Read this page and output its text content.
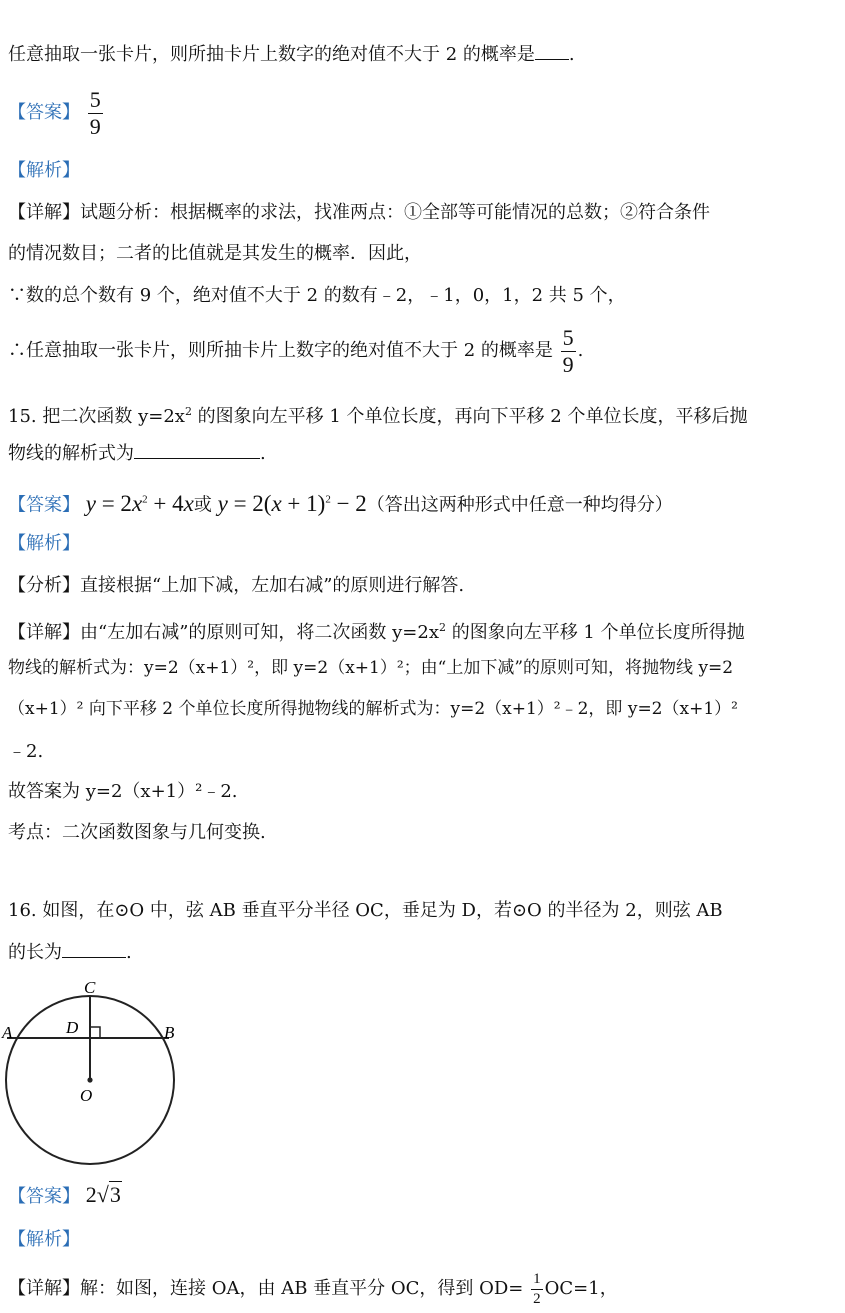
任意抽取一张卡片，则所抽卡片上数字的绝对值不大于 2 的概率是 .
【答案】 $\frac{5}{9}$
【解析】
【详解】试题分析：根据概率的求法，找准两点：①全部等可能情况的总数；②符合条件
的情况数目；二者的比值就是其发生的概率．因此，
∵数的总个数有 9 个，绝对值不大于 2 的数有﹣2，﹣1，0，1，2 共 5 个，
∴任意抽取一张卡片，则所抽卡片上数字的绝对值不大于 2 的概率是 $\frac{5}{9}$ .
15. 把二次函数 $y=2x^2$ 的图象向左平移 1 个单位长度，再向下平移 2 个单位长度，平移后抛
物线的解析式为	.
【答案】 $y = 2x^2 + 4x$或 $y = 2(x + 1)^2 - 2$（答出这两种形式中任意一种均得分）
【解析】
【分析】直接根据“上加下减，左加右减”的原则进行解答.
【详解】由“左加右减”的原则可知，将二次函数 $y=2x^2$ 的图象向左平移 1 个单位长度所得抛
物线的解析式为：y=2（x+1）²，即 y=2（x+1）²；由“上加下减”的原则可知，将抛物线 y=2
（x+1）² 向下平移 2 个单位长度所得抛物线的解析式为：y=2（x+1）²﹣2，即 y=2（x+1）²
﹣2.
故答案为 y=2（x+1）²﹣2.
考点：二次函数图象与几何变换.
16. 如图，在⊙O 中，弦 AB 垂直平分半径 OC，垂足为 D，若⊙O 的半径为 2，则弦 AB
的长为	.
C
D
A	B
O
【答案】 2√3
【解析】
【详解】解：如图，连接 OA，由 AB 垂直平分 OC，得到 $OD= \frac{1}{2} OC=1$，
